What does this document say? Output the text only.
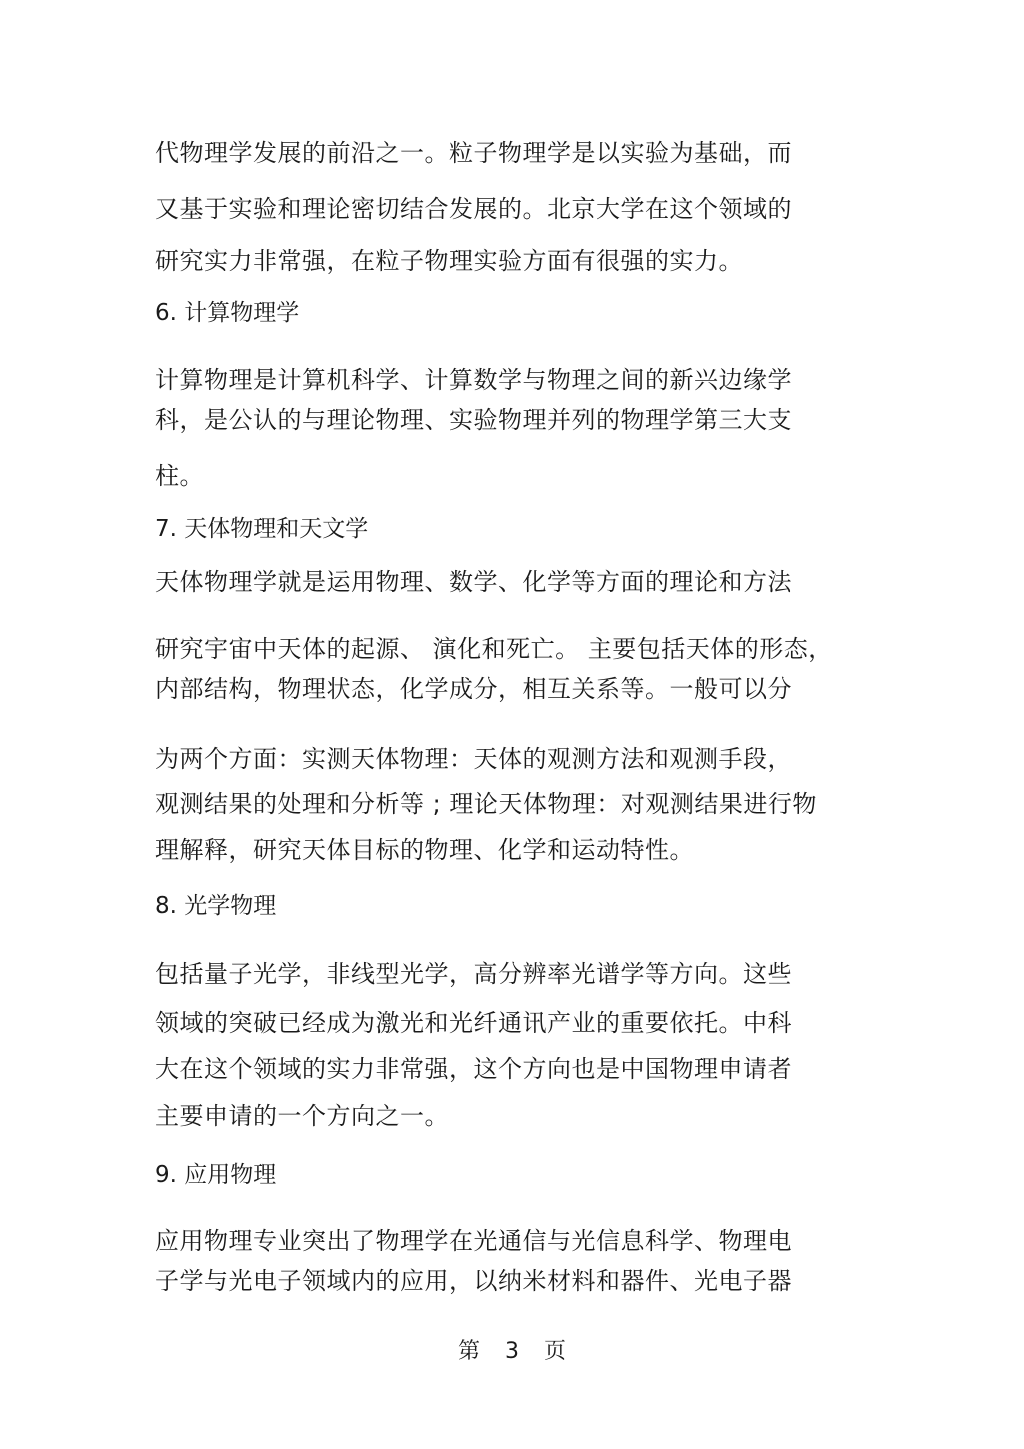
代物理学发展的前沿之一。粒子物理学是以实验为基础，而
又基于实验和理论密切结合发展的。北京大学在这个领域的
研究实力非常强，在粒子物理实验方面有很强的实力。
6. 计算物理学
计算物理是计算机科学、计算数学与物理之间的新兴边缘学
科，是公认的与理论物理、实验物理并列的物理学第三大支
柱。
7. 天体物理和天文学
天体物理学就是运用物理、数学、化学等方面的理论和方法
研究宇宙中天体的起源、 演化和死亡。 主要包括天体的形态，
内部结构，物理状态，化学成分，相互关系等。一般可以分
为两个方面：实测天体物理：天体的观测方法和观测手段，
观测结果的处理和分析等 ; 理论天体物理：对观测结果进行物
理解释，研究天体目标的物理、化学和运动特性。
8. 光学物理
包括量子光学，非线型光学，高分辨率光谱学等方向。这些
领域的突破已经成为激光和光纤通讯产业的重要依托。中科
大在这个领域的实力非常强，这个方向也是中国物理申请者
主要申请的一个方向之一。
9. 应用物理
应用物理专业突出了物理学在光通信与光信息科学、物理电
子学与光电子领域内的应用，以纳米材料和器件、光电子器
第 3 页
